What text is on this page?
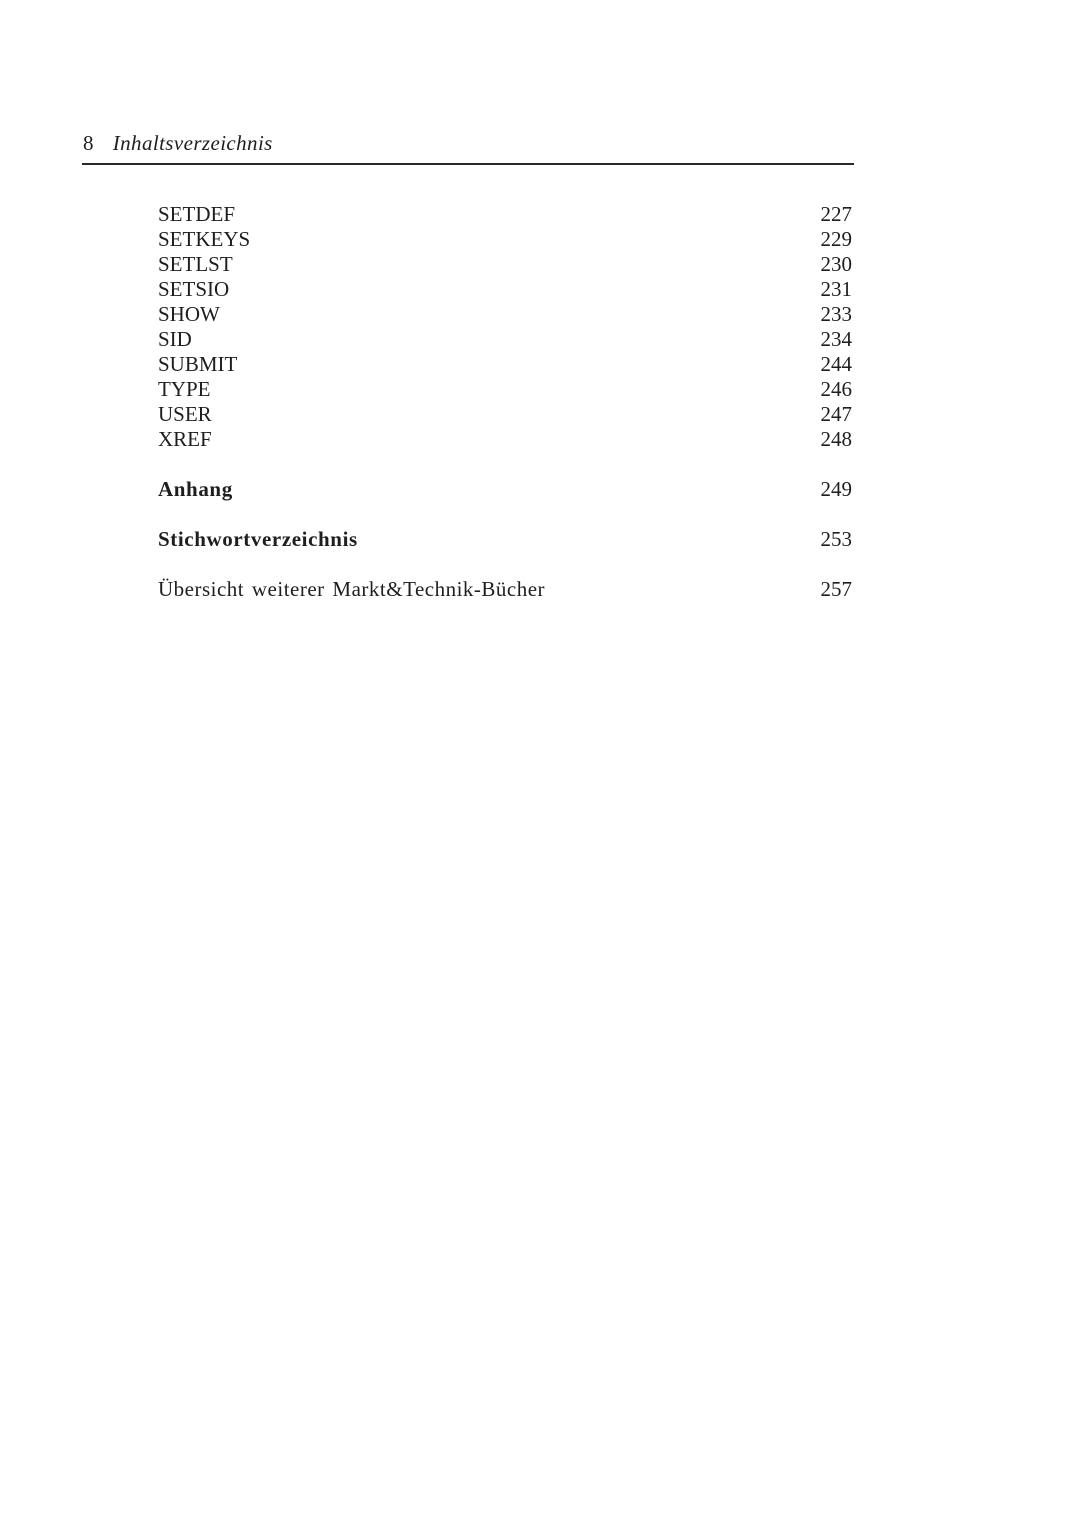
8 Inhaltsverzeichnis
SETDEF	227
SETKEYS	229
SETLST	230
SETSIO	231
SHOW	233
SID	234
SUBMIT	244
TYPE	246
USER	247
XREF	248
Anhang	249
Stichwortverzeichnis	253
Übersicht weiterer Markt&Technik-Bücher	257
